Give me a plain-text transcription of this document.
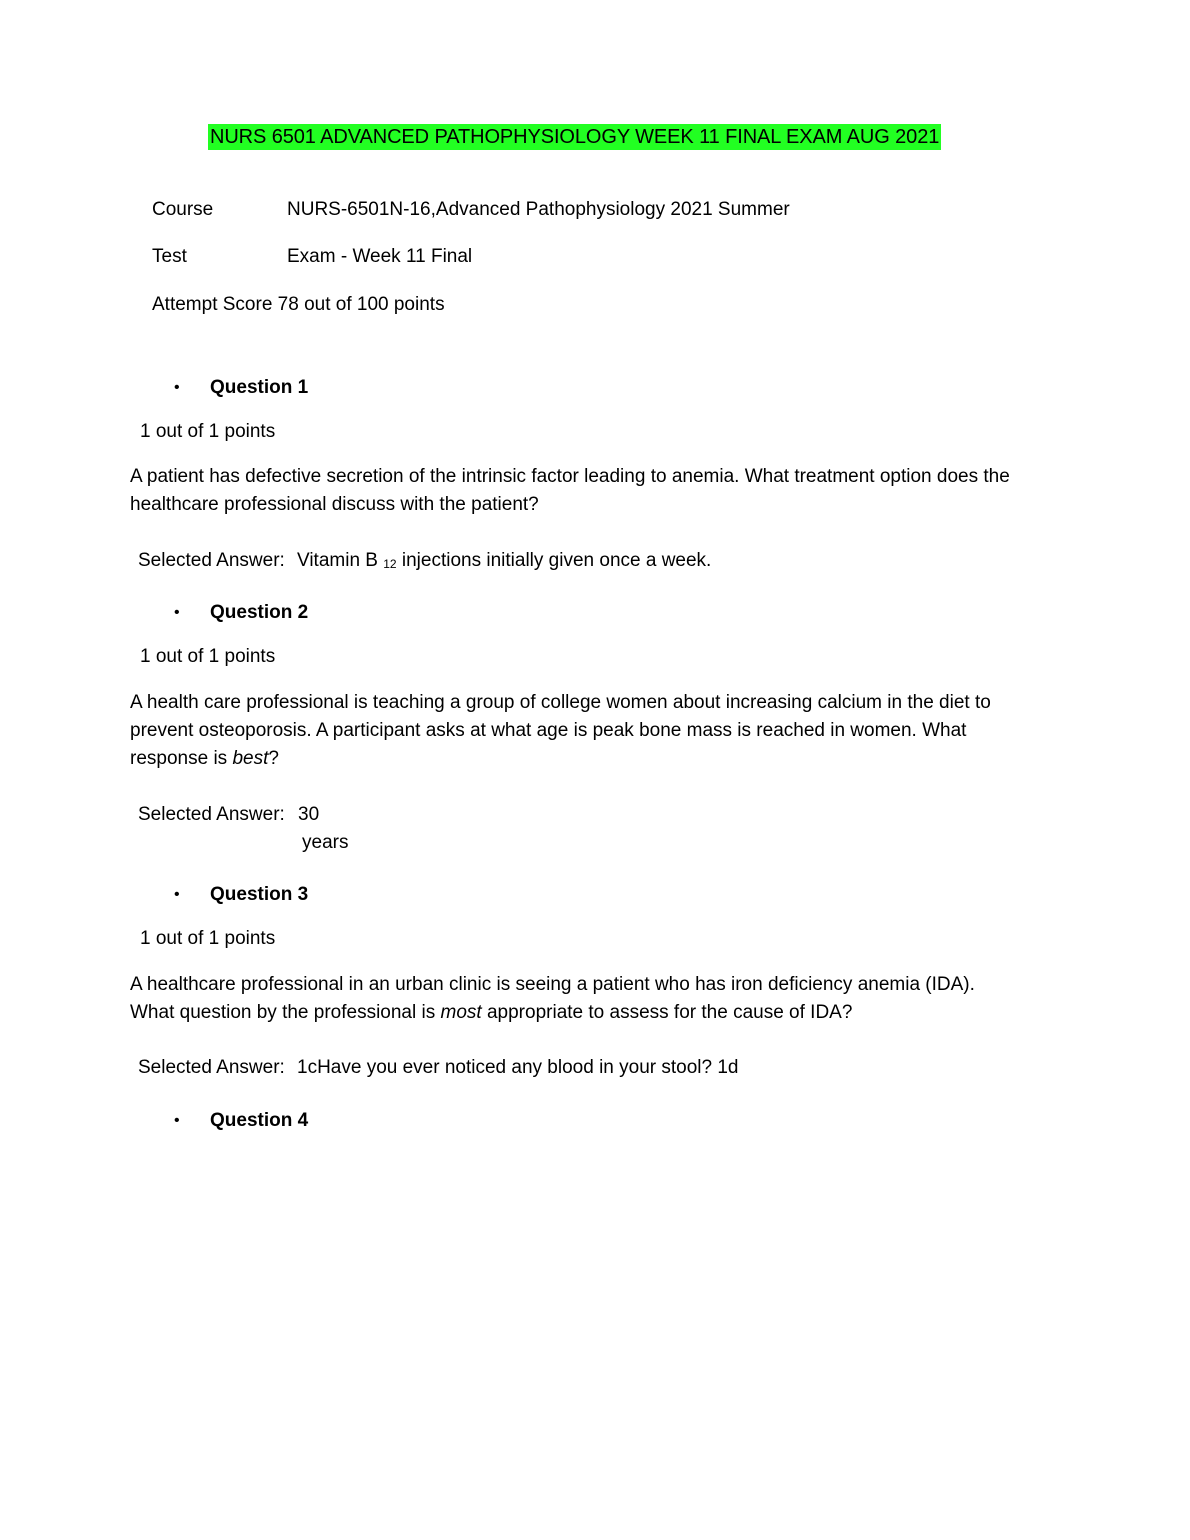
NURS 6501 ADVANCED PATHOPHYSIOLOGY WEEK 11 FINAL EXAM AUG 2021
Course	NURS-6501N-16,Advanced Pathophysiology 2021 Summer
Test	Exam - Week 11 Final
Attempt Score 78 out of 100 points
• Question 1
1 out of 1 points
A patient has defective secretion of the intrinsic factor leading to anemia. What treatment option does the healthcare professional discuss with the patient?
Selected Answer: Vitamin B $_{12}$ injections initially given once a week.
• Question 2
1 out of 1 points
A health care professional is teaching a group of college women about increasing calcium in the diet to prevent osteoporosis. A participant asks at what age is peak bone mass is reached in women. What response is best?
Selected Answer: 30
years
• Question 3
1 out of 1 points
A healthcare professional in an urban clinic is seeing a patient who has iron deficiency anemia (IDA). What question by the professional is most appropriate to assess for the cause of IDA?
Selected Answer: 1cHave you ever noticed any blood in your stool? 1d
• Question 4
